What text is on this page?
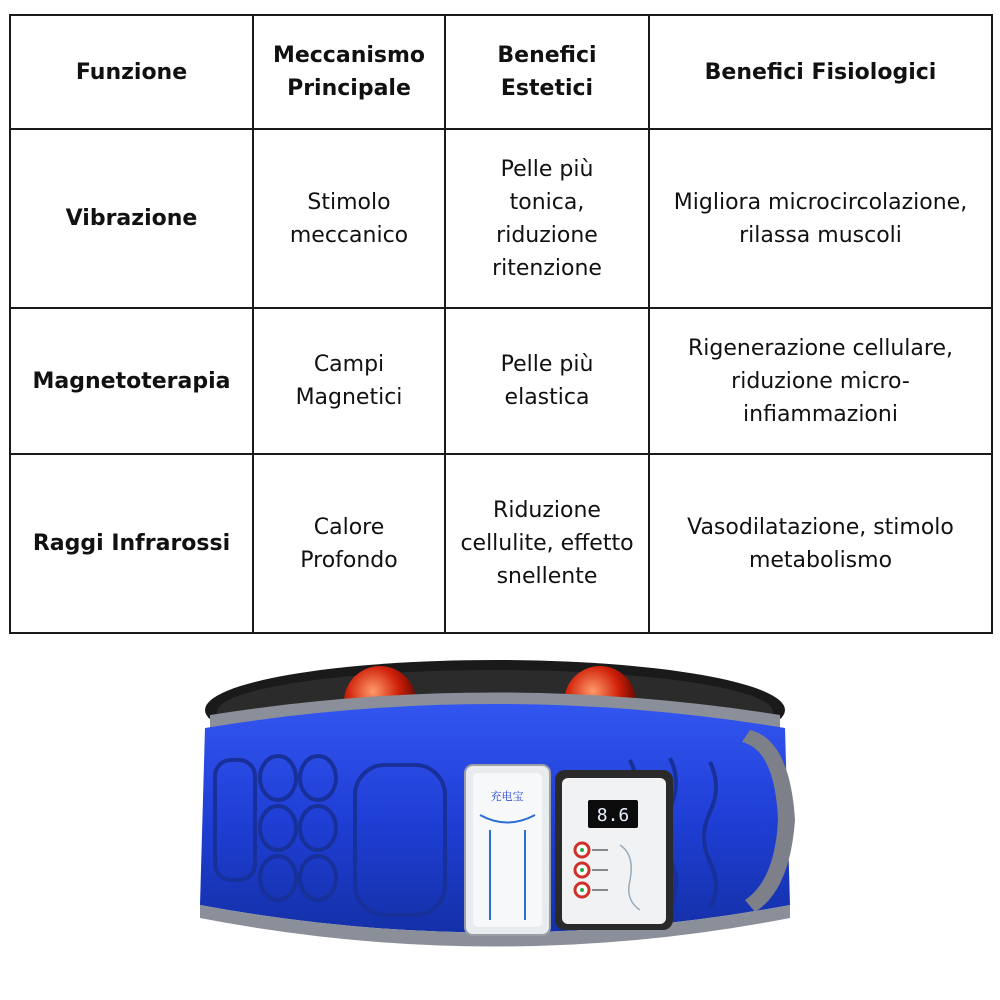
Funzione	Meccanismo Principale	Benefici Estetici	Benefici Fisiologici
Vibrazione	Stimolo meccanico	Pelle più tonica, riduzione ritenzione	Migliora microcircolazione, rilassa muscoli
Magnetoterapia	Campi Magnetici	Pelle più elastica	Rigenerazione cellulare, riduzione micro-infiammazioni
Raggi Infrarossi	Calore Profondo	Riduzione cellulite, effetto snellente	Vasodilatazione, stimolo metabolismo
充电宝
8.6
